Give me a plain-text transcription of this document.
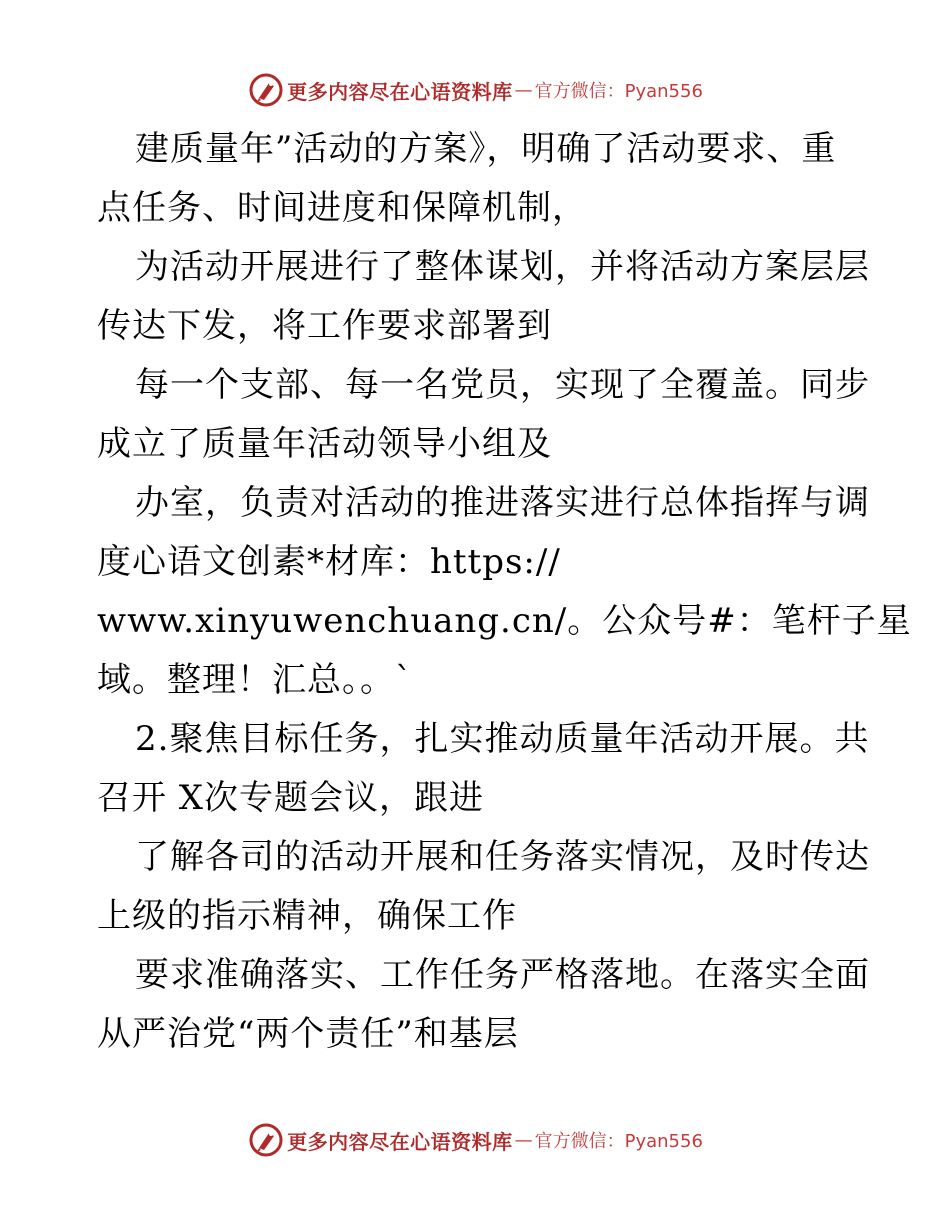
更多内容尽在心语资料库 — 官方微信：Pyan556
建质量年”活动的方案》，明确了活动要求、重
点任务、时间进度和保障机制，
为活动开展进行了整体谋划，并将活动方案层层
传达下发，将工作要求部署到
每一个支部、每一名党员，实现了全覆盖。同步
成立了质量年活动领导小组及
办室，负责对活动的推进落实进行总体指挥与调
度心语文创素*材库：https://
www.xinyuwenchuang.cn/。公众号#：笔杆子星
域。整理！汇总。。`
2.聚焦目标任务，扎实推动质量年活动开展。共
召开 X次专题会议，跟进
了解各司的活动开展和任务落实情况，及时传达
上级的指示精神，确保工作
要求准确落实、工作任务严格落地。在落实全面
从严治党“两个责任”和基层
更多内容尽在心语资料库 — 官方微信：Pyan556
